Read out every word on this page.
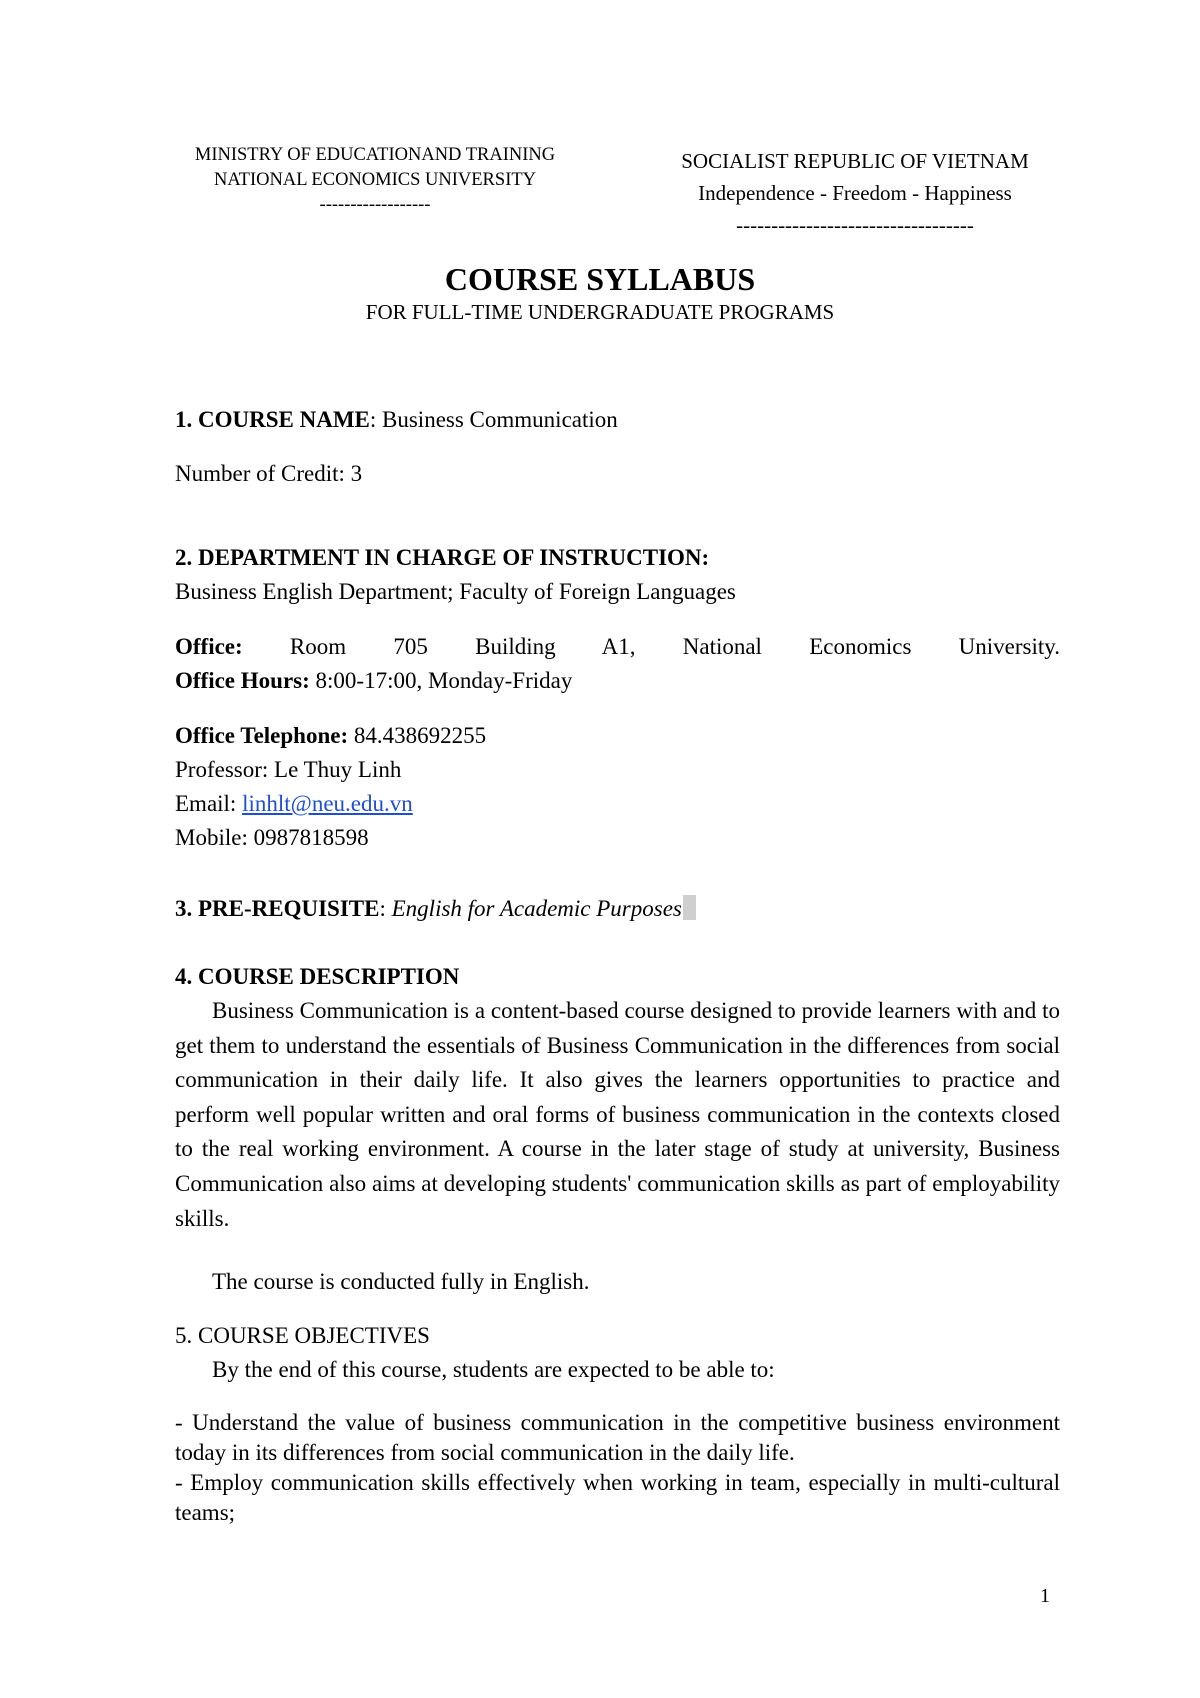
MINISTRY OF EDUCATIONAND TRAINING
NATIONAL ECONOMICS UNIVERSITY
------------------
SOCIALIST REPUBLIC OF VIETNAM
Independence - Freedom - Happiness
----------------------------------
COURSE SYLLABUS
FOR FULL-TIME UNDERGRADUATE PROGRAMS
1. COURSE NAME: Business Communication
Number of Credit: 3
2. DEPARTMENT IN CHARGE OF INSTRUCTION:
Business English Department; Faculty of Foreign Languages
Office: Room 705 Building A1, National Economics University.
Office Hours: 8:00-17:00, Monday-Friday
Office Telephone: 84.438692255
Professor: Le Thuy Linh
Email: linhlt@neu.edu.vn
Mobile: 0987818598
3. PRE-REQUISITE: English for Academic Purposes
4. COURSE DESCRIPTION
Business Communication is a content-based course designed to provide learners with and to get them to understand the essentials of Business Communication in the differences from social communication in their daily life. It also gives the learners opportunities to practice and perform well popular written and oral forms of business communication in the contexts closed to the real working environment. A course in the later stage of study at university, Business Communication also aims at developing students' communication skills as part of employability skills.
The course is conducted fully in English.
5. COURSE OBJECTIVES
By the end of this course, students are expected to be able to:
- Understand the value of business communication in the competitive business environment today in its differences from social communication in the daily life.
- Employ communication skills effectively when working in team, especially in multi-cultural teams;
1
